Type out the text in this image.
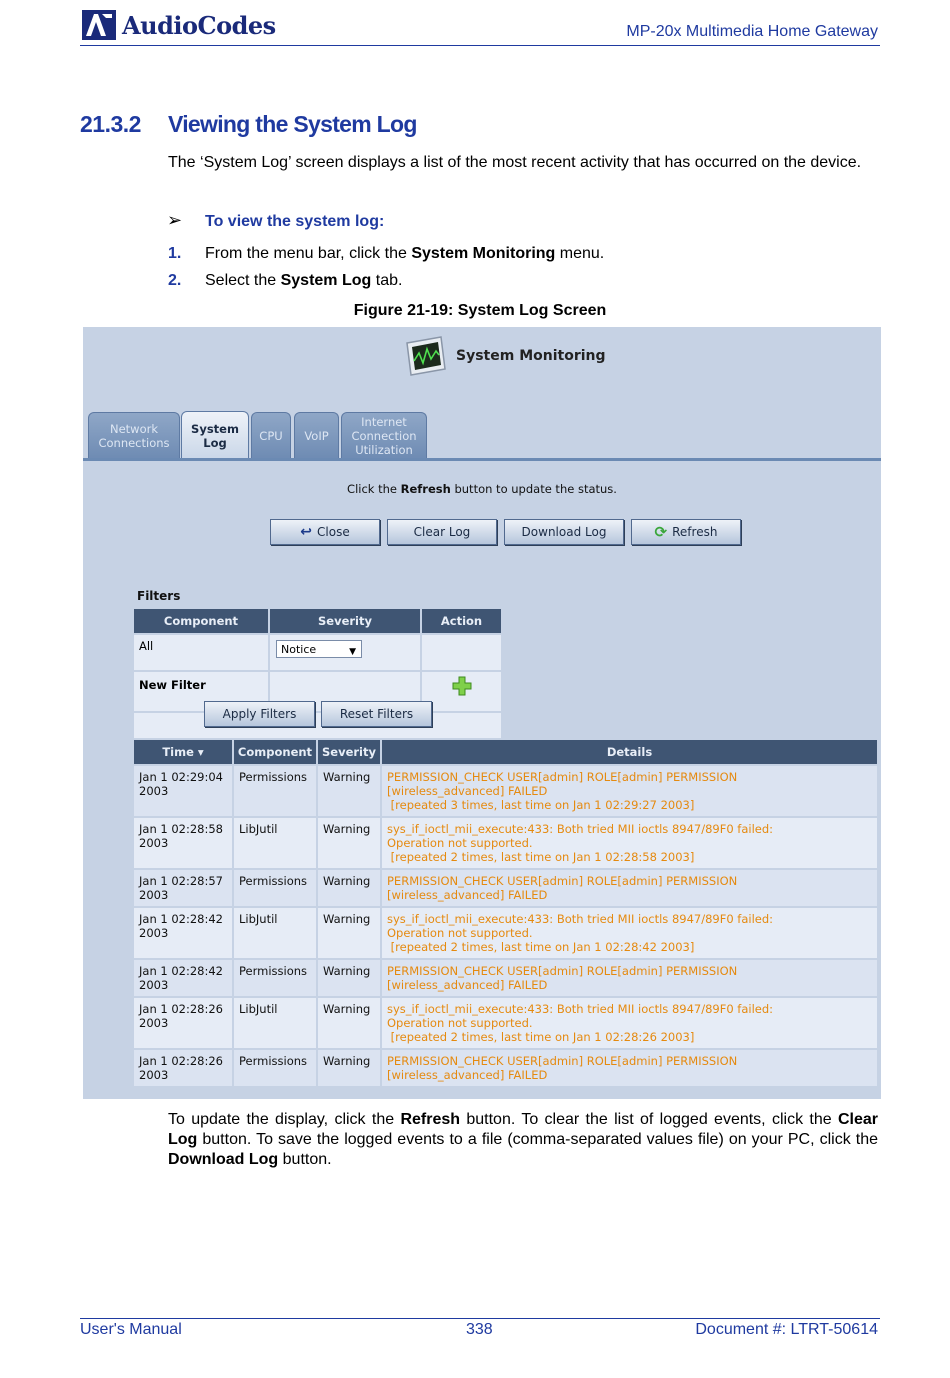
AudioCodes	MP-20x Multimedia Home Gateway
21.3.2 Viewing the System Log
The ‘System Log’ screen displays a list of the most recent activity that has occurred on the device.
➢ To view the system log:
1. From the menu bar, click the System Monitoring menu.
2. Select the System Log tab.
Figure 21-19: System Log Screen
System Monitoring
Network Connections
System Log	CPU	VoIP
Internet Connection Utilization
Click the Refresh button to update the status.
↩ Close	Clear Log	Download Log	⟳ Refresh
Filters
Component	Severity	Action
All	Notice ▼	

New Filter		

Apply Filters	Reset Filters
Time ▾	Component	Severity	Details

Jan 1 02:29:04
2003	Permissions	Warning	PERMISSION_CHECK USER[admin] ROLE[admin] PERMISSION
[wireless_advanced] FAILED
[repeated 3 times, last time on Jan 1 02:29:27 2003]

Jan 1 02:28:58
2003	LibJutil	Warning	sys_if_ioctl_mii_execute:433: Both tried MII ioctls 8947/89F0 failed:
Operation not supported.
[repeated 2 times, last time on Jan 1 02:28:58 2003]

Jan 1 02:28:57
2003	Permissions	Warning	PERMISSION_CHECK USER[admin] ROLE[admin] PERMISSION
[wireless_advanced] FAILED

Jan 1 02:28:42
2003	LibJutil	Warning	sys_if_ioctl_mii_execute:433: Both tried MII ioctls 8947/89F0 failed:
Operation not supported.
[repeated 2 times, last time on Jan 1 02:28:42 2003]

Jan 1 02:28:42
2003	Permissions	Warning	PERMISSION_CHECK USER[admin] ROLE[admin] PERMISSION
[wireless_advanced] FAILED

Jan 1 02:28:26
2003	LibJutil	Warning	sys_if_ioctl_mii_execute:433: Both tried MII ioctls 8947/89F0 failed:
Operation not supported.
[repeated 2 times, last time on Jan 1 02:28:26 2003]

Jan 1 02:28:26
2003	Permissions	Warning	PERMISSION_CHECK USER[admin] ROLE[admin] PERMISSION
[wireless_advanced] FAILED
To update the display, click the Refresh button. To clear the list of logged events, click the Clear Log button. To save the logged events to a file (comma-separated values file) on your PC, click the Download Log button.
User's Manual	338	Document #: LTRT-50614
